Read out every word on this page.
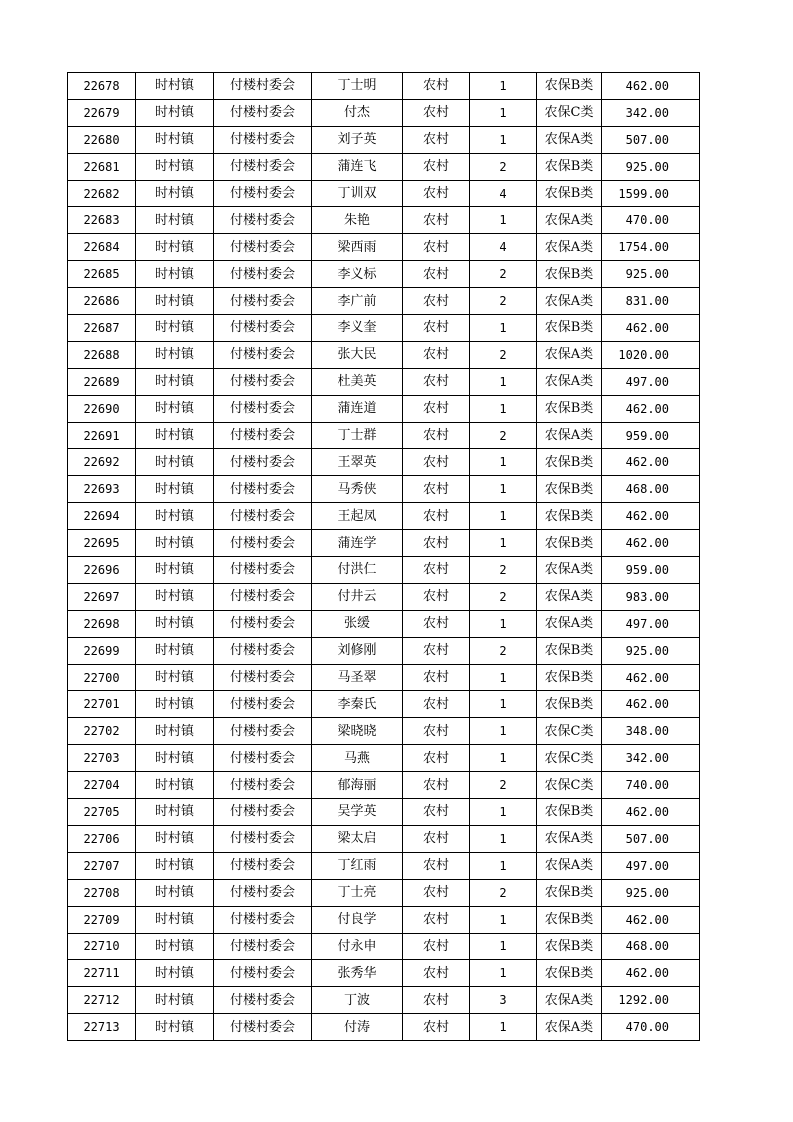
22678	时村镇	付楼村委会	丁士明	农村	1	农保B类	462.00
22679	时村镇	付楼村委会	付杰	农村	1	农保C类	342.00
22680	时村镇	付楼村委会	刘子英	农村	1	农保A类	507.00
22681	时村镇	付楼村委会	蒲连飞	农村	2	农保B类	925.00
22682	时村镇	付楼村委会	丁训双	农村	4	农保B类	1599.00
22683	时村镇	付楼村委会	朱艳	农村	1	农保A类	470.00
22684	时村镇	付楼村委会	梁西雨	农村	4	农保A类	1754.00
22685	时村镇	付楼村委会	李义标	农村	2	农保B类	925.00
22686	时村镇	付楼村委会	李广前	农村	2	农保A类	831.00
22687	时村镇	付楼村委会	李义奎	农村	1	农保B类	462.00
22688	时村镇	付楼村委会	张大民	农村	2	农保A类	1020.00
22689	时村镇	付楼村委会	杜美英	农村	1	农保A类	497.00
22690	时村镇	付楼村委会	蒲连道	农村	1	农保B类	462.00
22691	时村镇	付楼村委会	丁士群	农村	2	农保A类	959.00
22692	时村镇	付楼村委会	王翠英	农村	1	农保B类	462.00
22693	时村镇	付楼村委会	马秀侠	农村	1	农保B类	468.00
22694	时村镇	付楼村委会	王起凤	农村	1	农保B类	462.00
22695	时村镇	付楼村委会	蒲连学	农村	1	农保B类	462.00
22696	时村镇	付楼村委会	付洪仁	农村	2	农保A类	959.00
22697	时村镇	付楼村委会	付井云	农村	2	农保A类	983.00
22698	时村镇	付楼村委会	张缓	农村	1	农保A类	497.00
22699	时村镇	付楼村委会	刘修刚	农村	2	农保B类	925.00
22700	时村镇	付楼村委会	马圣翠	农村	1	农保B类	462.00
22701	时村镇	付楼村委会	李秦氏	农村	1	农保B类	462.00
22702	时村镇	付楼村委会	梁晓晓	农村	1	农保C类	348.00
22703	时村镇	付楼村委会	马燕	农村	1	农保C类	342.00
22704	时村镇	付楼村委会	郁海丽	农村	2	农保C类	740.00
22705	时村镇	付楼村委会	吴学英	农村	1	农保B类	462.00
22706	时村镇	付楼村委会	梁太启	农村	1	农保A类	507.00
22707	时村镇	付楼村委会	丁红雨	农村	1	农保A类	497.00
22708	时村镇	付楼村委会	丁士亮	农村	2	农保B类	925.00
22709	时村镇	付楼村委会	付良学	农村	1	农保B类	462.00
22710	时村镇	付楼村委会	付永申	农村	1	农保B类	468.00
22711	时村镇	付楼村委会	张秀华	农村	1	农保B类	462.00
22712	时村镇	付楼村委会	丁波	农村	3	农保A类	1292.00
22713	时村镇	付楼村委会	付涛	农村	1	农保A类	470.00
